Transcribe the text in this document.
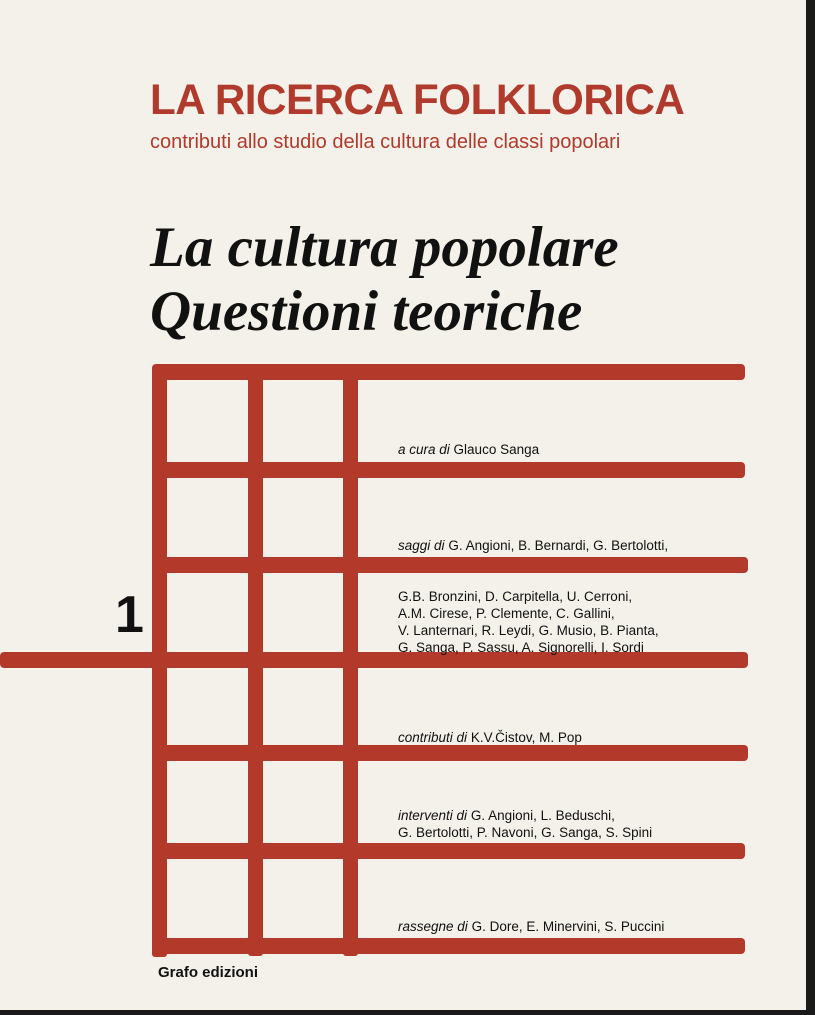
LA RICERCA FOLKLORICA
contributi allo studio della cultura delle classi popolari
La cultura popolare
Questioni teoriche
a cura di Glauco Sanga
saggi di G. Angioni, B. Bernardi, G. Bertolotti,
G.B. Bronzini, D. Carpitella, U. Cerroni,
A.M. Cirese, P. Clemente, C. Gallini,
V. Lanternari, R. Leydi, G. Musio, B. Pianta,
G. Sanga, P. Sassu, A. Signorelli, I. Sordi
1
contributi di K.V.Čistov, M. Pop
interventi di G. Angioni, L. Beduschi,
G. Bertolotti, P. Navoni, G. Sanga, S. Spini
rassegne di G. Dore, E. Minervini, S. Puccini
Grafo edizioni
